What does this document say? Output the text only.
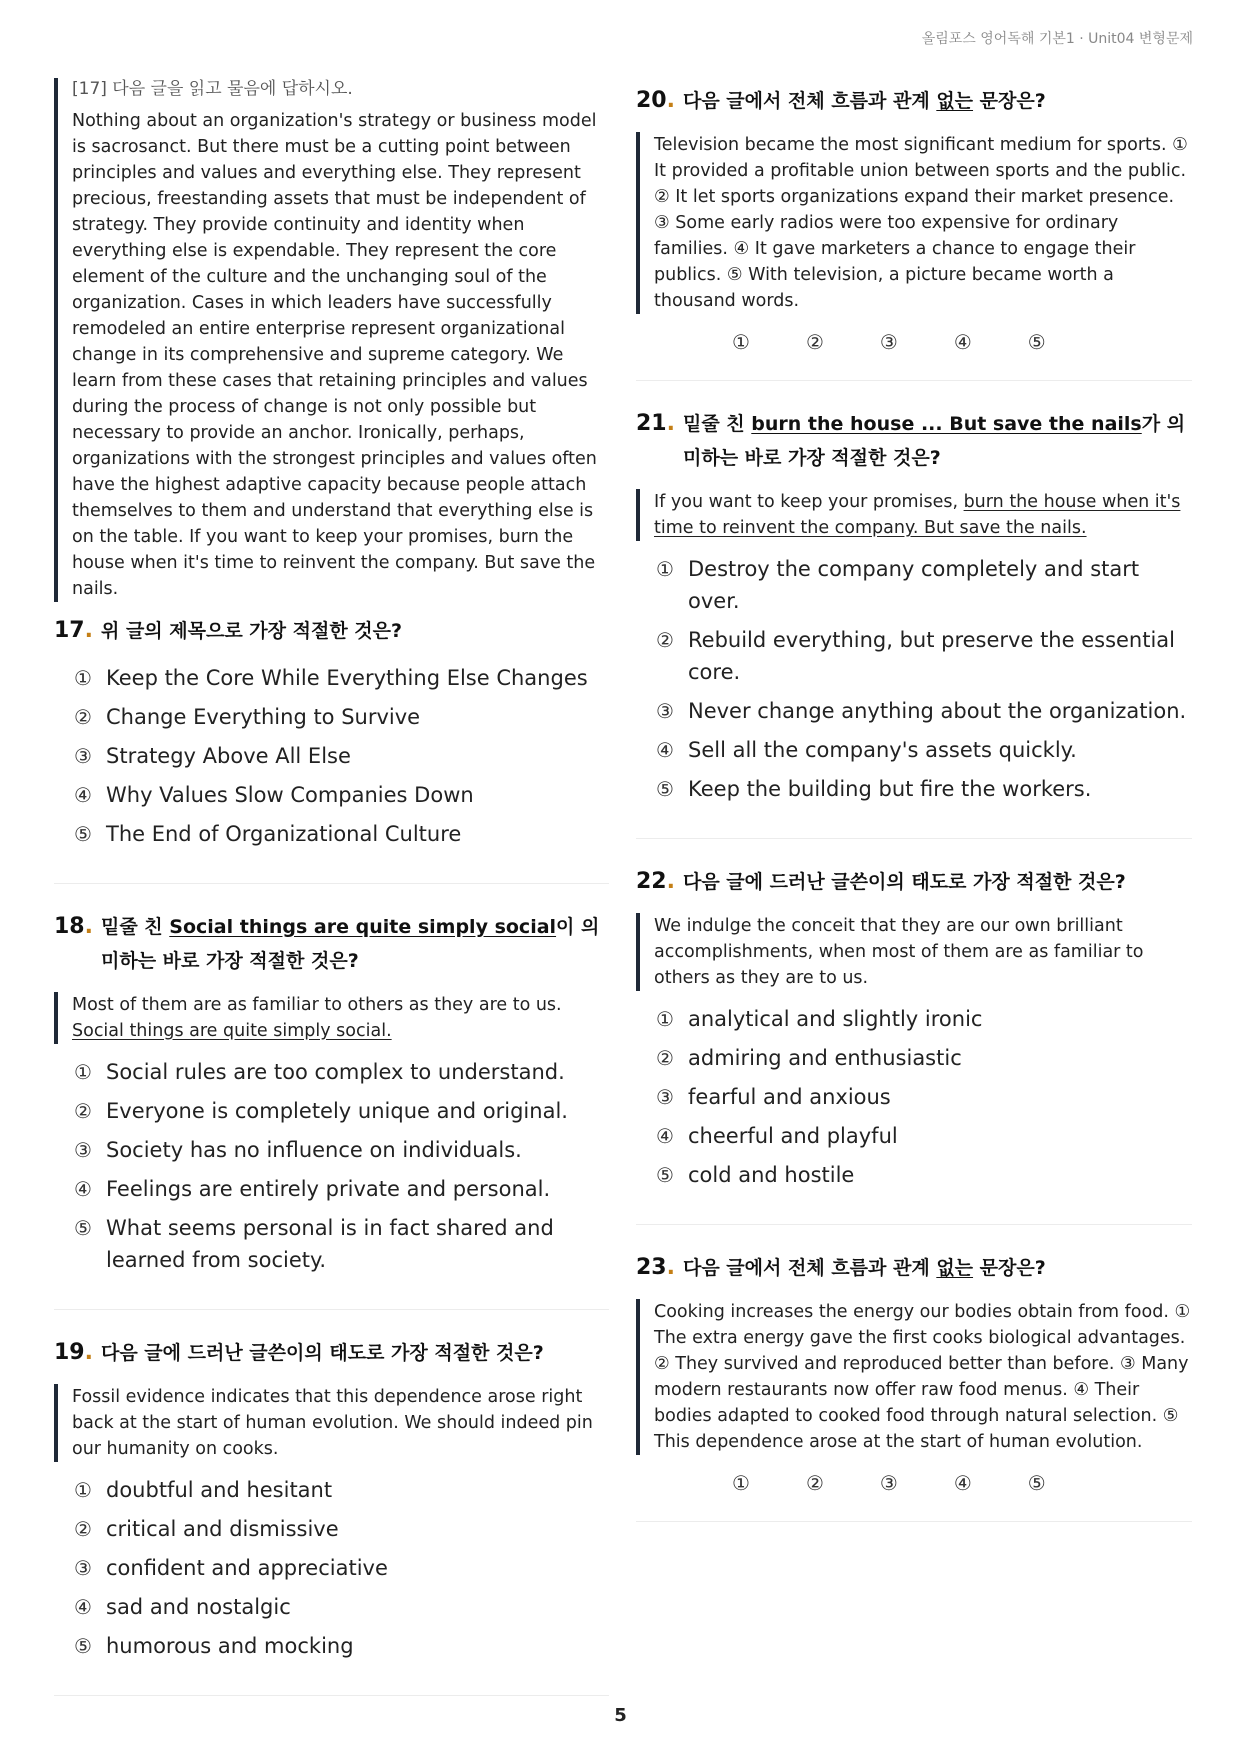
올림포스 영어독해 기본1 · Unit04 변형문제
[17] 다음 글을 읽고 물음에 답하시오.
Nothing about an organization's strategy or business model is sacrosanct. But there must be a cutting point between principles and values and everything else. They represent precious, freestanding assets that must be independent of strategy. They provide continuity and identity when everything else is expendable. They represent the core element of the culture and the unchanging soul of the organization. Cases in which leaders have successfully remodeled an entire enterprise represent organizational change in its comprehensive and supreme category. We learn from these cases that retaining principles and values during the process of change is not only possible but necessary to provide an anchor. Ironically, perhaps, organizations with the strongest principles and values often have the highest adaptive capacity because people attach themselves to them and understand that everything else is on the table. If you want to keep your promises, burn the house when it's time to reinvent the company. But save the nails.
17 . 위 글의 제목으로 가장 적절한 것은?
① Keep the Core While Everything Else Changes
② Change Everything to Survive
③ Strategy Above All Else
④ Why Values Slow Companies Down
⑤ The End of Organizational Culture
18 . 밑줄 친 Social things are quite simply social이 의미하는 바로 가장 적절한 것은?
Most of them are as familiar to others as they are to us. Social things are quite simply social.
① Social rules are too complex to understand.
② Everyone is completely unique and original.
③ Society has no influence on individuals.
④ Feelings are entirely private and personal.
⑤ What seems personal is in fact shared and learned from society.
19 . 다음 글에 드러난 글쓴이의 태도로 가장 적절한 것은?
Fossil evidence indicates that this dependence arose right back at the start of human evolution. We should indeed pin our humanity on cooks.
① doubtful and hesitant
② critical and dismissive
③ confident and appreciative
④ sad and nostalgic
⑤ humorous and mocking
20 . 다음 글에서 전체 흐름과 관계 없는 문장은?
Television became the most significant medium for sports. ① It provided a profitable union between sports and the public. ② It let sports organizations expand their market presence. ③ Some early radios were too expensive for ordinary families. ④ It gave marketers a chance to engage their publics. ⑤ With television, a picture became worth a thousand words.
①	②	③	④	⑤
21 . 밑줄 친 burn the house ... But save the nails가 의미하는 바로 가장 적절한 것은?
If you want to keep your promises, burn the house when it's time to reinvent the company. But save the nails.
① Destroy the company completely and start over.
② Rebuild everything, but preserve the essential core.
③ Never change anything about the organization.
④ Sell all the company's assets quickly.
⑤ Keep the building but fire the workers.
22 . 다음 글에 드러난 글쓴이의 태도로 가장 적절한 것은?
We indulge the conceit that they are our own brilliant accomplishments, when most of them are as familiar to others as they are to us.
① analytical and slightly ironic
② admiring and enthusiastic
③ fearful and anxious
④ cheerful and playful
⑤ cold and hostile
23 . 다음 글에서 전체 흐름과 관계 없는 문장은?
Cooking increases the energy our bodies obtain from food. ① The extra energy gave the first cooks biological advantages. ② They survived and reproduced better than before. ③ Many modern restaurants now offer raw food menus. ④ Their bodies adapted to cooked food through natural selection. ⑤ This dependence arose at the start of human evolution.
①	②	③	④	⑤
5
